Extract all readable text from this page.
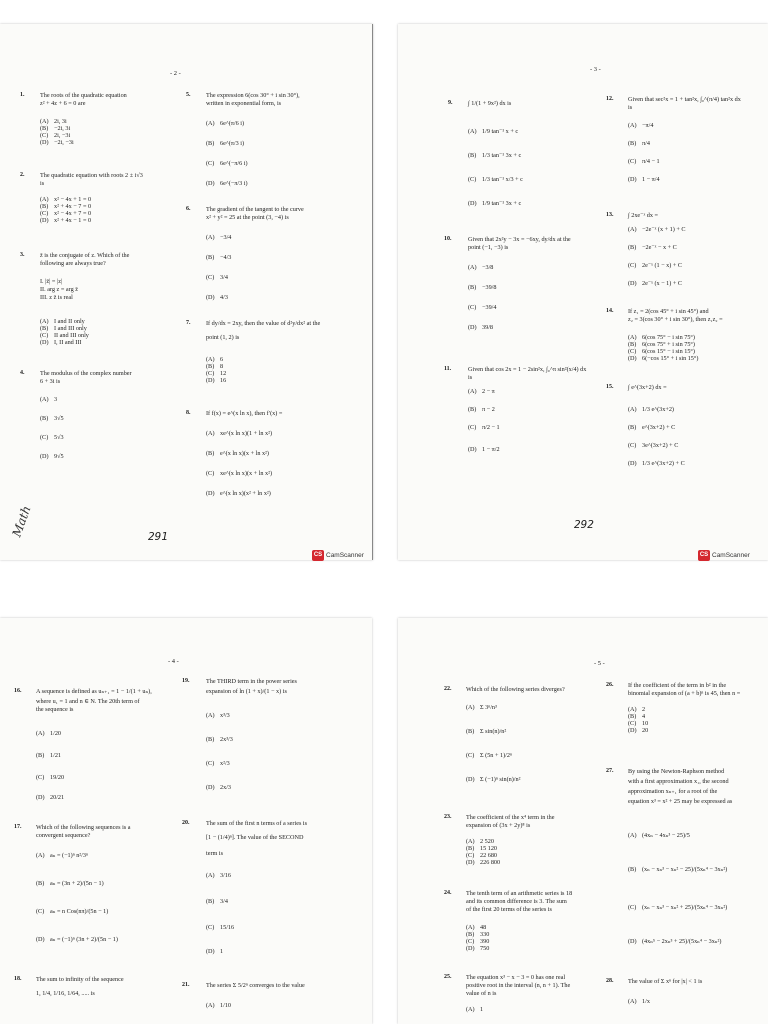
- 2 -
1.	The roots of the quadratic equation
z² + 4z + 6 = 0 are
(A) 2i, 3i
(B) −2i, 3i
(C) 2i, −3i
(D) −2i, −3i
2.	The quadratic equation with roots 2 ± i√3
is
(A) x² − 4x + 1 = 0
(B) x² + 4x − 7 = 0
(C) x² − 4x + 7 = 0
(D) x² + 4x − 1 = 0
3.	z̄ is the conjugate of z. Which of the
following are always true?
I. |z̄| = |z|
II. arg z = arg z̄
III. z z̄ is real
(A) I and II only
(B) I and III only
(C) II and III only
(D) I, II and III
4.	The modulus of the complex number
6 + 3i is
(A) 3
(B) 3√5
(C) 5√3
(D) 9√5
5.	The expression 6(cos 30° + i sin 30°),
written in exponential form, is
(A) 6e^(π/6 i)
(B) 6e^(π/3 i)
(C) 6e^(−π/6 i)
(D) 6e^(−π/3 i)
6.	The gradient of the tangent to the curve
x² + y² = 25 at the point (3, −4) is
(A) −3/4
(B) −4/3
(C) 3/4
(D) 4/3
7.	If dy/dx = 2xy, then the value of d²y/dx² at the
point (1, 2) is
(A) 6
(B) 8
(C) 12
(D) 16
8.	If f(x) = e^(x ln x), then f′(x) =
(A) xe^(x ln x)(1 + ln x²)
(B) e^(x ln x)(x + ln x²)
(C) xe^(x ln x)(x + ln x²)
(D) e^(x ln x)(x² + ln x²)
Math	291
CS CamScanner
- 3 -
9.	∫ 1/(1 + 9x²) dx is
(A) 1/9 tan⁻¹ x + c
(B) 1/3 tan⁻¹ 3x + c
(C) 1/3 tan⁻¹ x/3 + c
(D) 1/9 tan⁻¹ 3x + c
10.	Given that 2x²y − 3x = −6xy, dy/dx at the
point (−1, −3) is
(A) −3/8
(B) −39/8
(C) −39/4
(D) 39/8
11.	Given that cos 2x = 1 − 2sin²x, ∫₀^π sin²(x/4) dx
is
(A) 2 − π
(B) π − 2
(C) π/2 − 1
(D) 1 − π/2
12. Given that sec²x = 1 + tan²x, ∫₀^(π/4) tan²x dx
is
(A) −π/4
(B) π/4
(C) π/4 − 1
(D) 1 − π/4
13. ∫ 2xe⁻ˣ dx =
(A) −2e⁻ˣ (x + 1) + C
(B) −2e⁻ˣ − x + C
(C) 2e⁻ˣ (1 − x) + C
(D) 2e⁻ˣ (x − 1) + C
14. If z₁ = 2(cos 45° + i sin 45°) and
z₂ = 3(cos 30° + i sin 30°), then z₁z₂ =
(A) 6(cos 75° − i sin 75°)
(B) 6(cos 75° + i sin 75°)
(C) 6(cos 15° − i sin 15°)
(D) 6(−cos 15° + i sin 15°)
15. ∫ e^(3x+2) dx =
(A) 1/3 e^(3x+2)
(B) e^(3x+2) + C
(C) 3e^(3x+2) + C
(D) 1/3 e^(3x+2) + C
292
CS CamScanner
- 4 -
16. A sequence is defined as uₙ₊₁ = 1 − 1/(1 + uₙ),
where u₁ = 1 and n ∈ N. The 20th term of
the sequence is
(A) 1/20
(B) 1/21
(C) 19/20
(D) 20/21
17. Which of the following sequences is a
convergent sequence?
(A) aₙ = (−1)ⁿ n²/3ⁿ
(B) aₙ = (3n + 2)/(5n − 1)
(C) aₙ = n Cos(nπ)/(5n − 1)
(D) aₙ = (−1)ⁿ (3n + 2)/(5n − 1)
18. The sum to infinity of the sequence
1, 1/4, 1/16, 1/64, ..... is
19.	The THIRD term in the power series
expansion of ln (1 + x)/(1 − x) is
(A) x³/3
(B) 2x³/3
(C) x²/3
(D) 2x/3
20.	The sum of the first n terms of a series is
[1 − (1/4)ⁿ]. The value of the SECOND
term is
(A) 3/16
(B) 3/4
(C) 15/16
(D) 1
21.	The series Σ 5/2ⁿ converges to the value
(A) 1/10
- 5 -
22. Which of the following series diverges?
(A) Σ 3ⁿ/n³
(B) Σ sin(n)/n²
(C) Σ (5n + 1)/2ⁿ
(D) Σ (−1)ⁿ sin(n)/n²
23. The coefficient of the x⁴ term in the
expansion of (3x + 2y)⁸ is
(A) 2 520
(B) 15 120
(C) 22 680
(D) 226 800
24. The tenth term of an arithmetic series is 18
and its common difference is 3. The sum
of the first 20 terms of the series is
(A) 48
(B) 330
(C) 390
(D) 750
25. The equation x³ − x − 3 = 0 has one real
positive root in the interval (n, n + 1). The
value of n is
(A) 1
26. If the coefficient of the term in b² in the
binomial expansion of (a + b)ⁿ is 45, then n =
(A) 2
(B) 4
(C) 10
(D) 20
27. By using the Newton-Raphson method
with a first approximation x₁, the second
approximation xₙ₊₁ for a root of the
equation x³ = x² + 25 may be expressed as
(A) (4xₙ − 4xₙ³ − 25)/5
(B) (xₙ − xₙ³ − xₙ² − 25)/(5xₙ⁴ − 3xₙ²)
(C) (xₙ − xₙ³ − xₙ² + 25)/(5xₙ⁴ − 3xₙ²)
(D) (4xₙ⁵ − 2xₙ³ + 25)/(5xₙ⁴ − 3xₙ²)
28. The value of Σ xⁿ for |x| < 1 is
(A) 1/x
